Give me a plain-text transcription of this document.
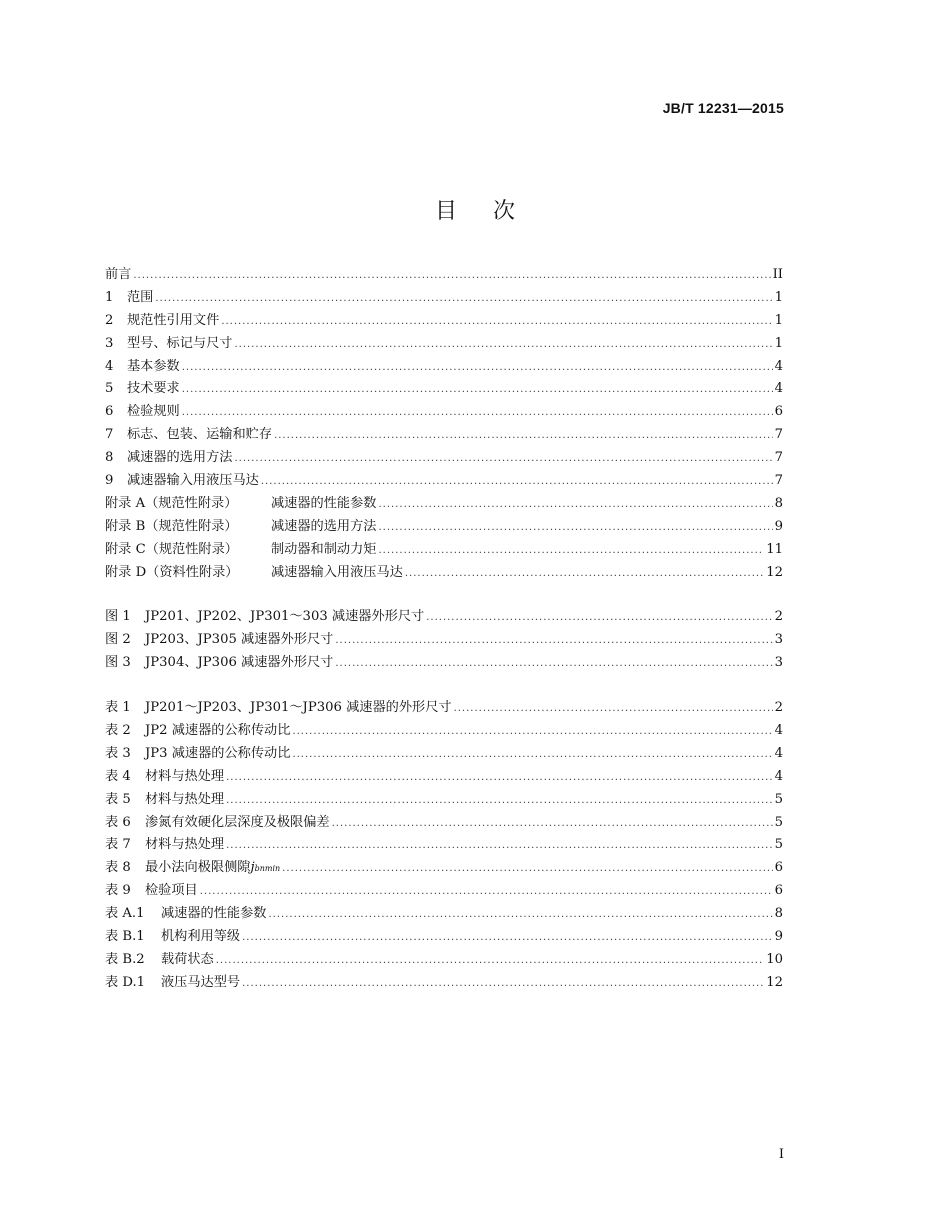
JB/T 12231—2015
目次
前言 .....	II
1	范围 .....	1
2	规范性引用文件 .....	1
3	型号、标记与尺寸 .....	1
4	基本参数 .....	4
5	技术要求 .....	4
6	检验规则 .....	6
7	标志、包装、运输和贮存 .....	7
8	减速器的选用方法 .....	7
9	减速器输入用液压马达 .....	7
附录 A（规范性附录）	减速器的性能参数 .....	8
附录 B（规范性附录）	减速器的选用方法 .....	9
附录 C（规范性附录）	制动器和制动力矩 .....	11
附录 D（资料性附录）	减速器输入用液压马达 .....	12
图 1	JP201、JP202、JP301～303 减速器外形尺寸 .....	2
图 2	JP203、JP305 减速器外形尺寸 .....	3
图 3	JP304、JP306 减速器外形尺寸 .....	3
表 1	JP201～JP203、JP301～JP306 减速器的外形尺寸 .....	2
表 2	JP2 减速器的公称传动比 .....	4
表 3	JP3 减速器的公称传动比 .....	4
表 4	材料与热处理 .....	4
表 5	材料与热处理 .....	5
表 6	渗氮有效硬化层深度及极限偏差 .....	5
表 7	材料与热处理 .....	5
表 8	最小法向极限侧隙jbnmin .....	6
表 9	检验项目 .....	6
表 A.1	减速器的性能参数 .....	8
表 B.1	机构利用等级 .....	9
表 B.2	载荷状态 .....	10
表 D.1	液压马达型号 .....	12
I
